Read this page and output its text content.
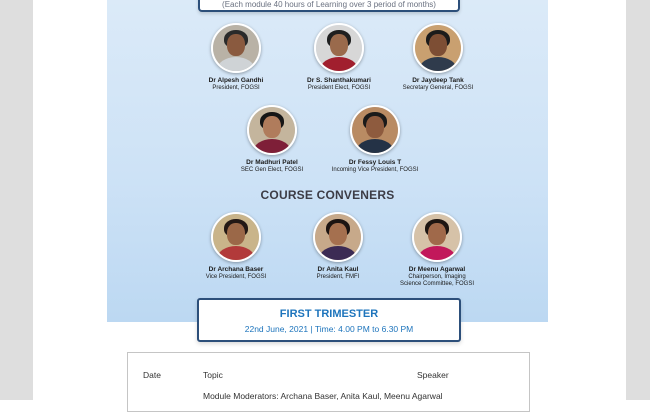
(Each module 40 hours of Learning over 3 period of months)
Dr Alpesh Gandhi
President, FOGSI
Dr S. Shanthakumari
President Elect, FOGSI
Dr Jaydeep Tank
Secretary General, FOGSI
Dr Madhuri Patel
SEC Gen Elect, FOGSI
Dr Fessy Louis T
Incoming Vice President, FOGSI
COURSE CONVENERS
Dr Archana Baser
Vice President, FOGSI
Dr Anita Kaul
President, FMFI
Dr Meenu Agarwal
Chairperson, Imaging
Science Committee, FOGSI
FIRST TRIMESTER
22nd June, 2021 | Time: 4.00 PM to 6.30 PM
Date	Topic	Speaker
Module Moderators: Archana Baser, Anita Kaul, Meenu Agarwal
